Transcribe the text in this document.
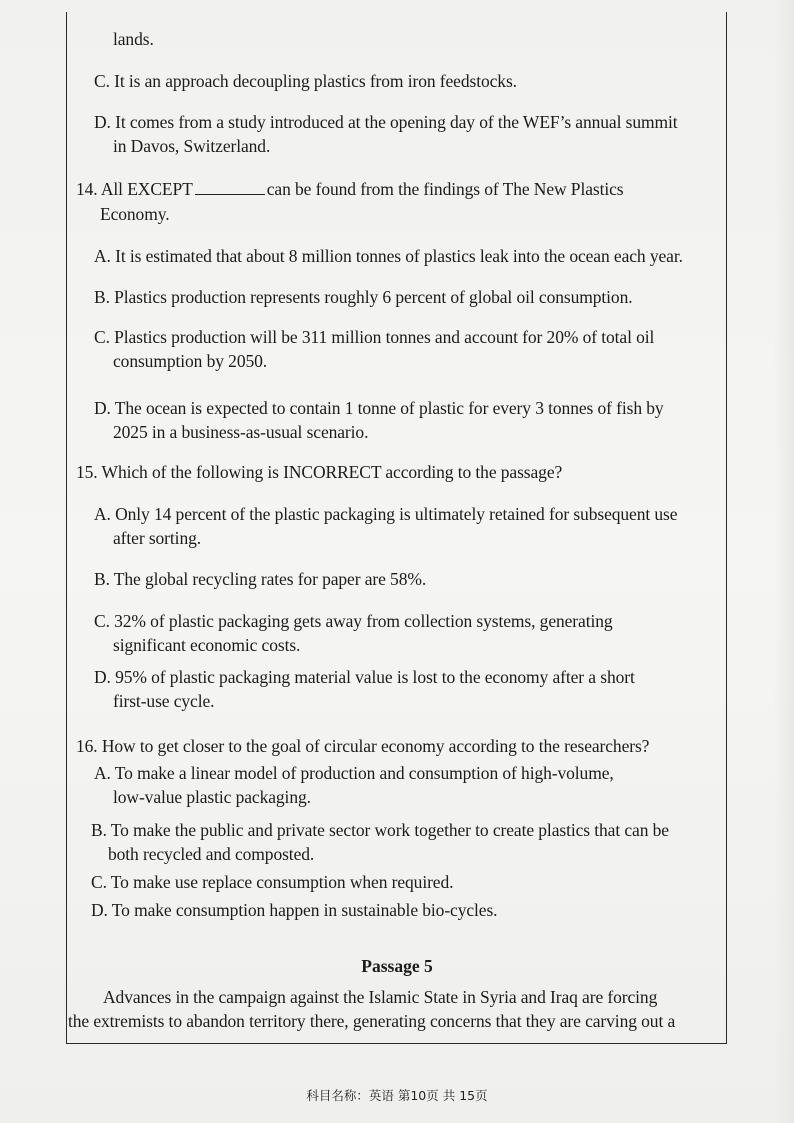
lands.
C. It is an approach decoupling plastics from iron feedstocks.
D. It comes from a study introduced at the opening day of the WEF’s annual summit
in Davos, Switzerland.
14. All EXCEPT	can be found from the findings of The New Plastics
Economy.
A. It is estimated that about 8 million tonnes of plastics leak into the ocean each year.
B. Plastics production represents roughly 6 percent of global oil consumption.
C. Plastics production will be 311 million tonnes and account for 20% of total oil
consumption by 2050.
D. The ocean is expected to contain 1 tonne of plastic for every 3 tonnes of fish by
2025 in a business-as-usual scenario.
15. Which of the following is INCORRECT according to the passage?
A. Only 14 percent of the plastic packaging is ultimately retained for subsequent use
after sorting.
B. The global recycling rates for paper are 58%.
C. 32% of plastic packaging gets away from collection systems, generating
significant economic costs.
D. 95% of plastic packaging material value is lost to the economy after a short
first-use cycle.
16. How to get closer to the goal of circular economy according to the researchers?
A. To make a linear model of production and consumption of high-volume,
low-value plastic packaging.
B. To make the public and private sector work together to create plastics that can be
both recycled and composted.
C. To make use replace consumption when required.
D. To make consumption happen in sustainable bio-cycles.
Passage 5
Advances in the campaign against the Islamic State in Syria and Iraq are forcing
the extremists to abandon territory there, generating concerns that they are carving out a
科目名称：英语 第10页 共 15页
